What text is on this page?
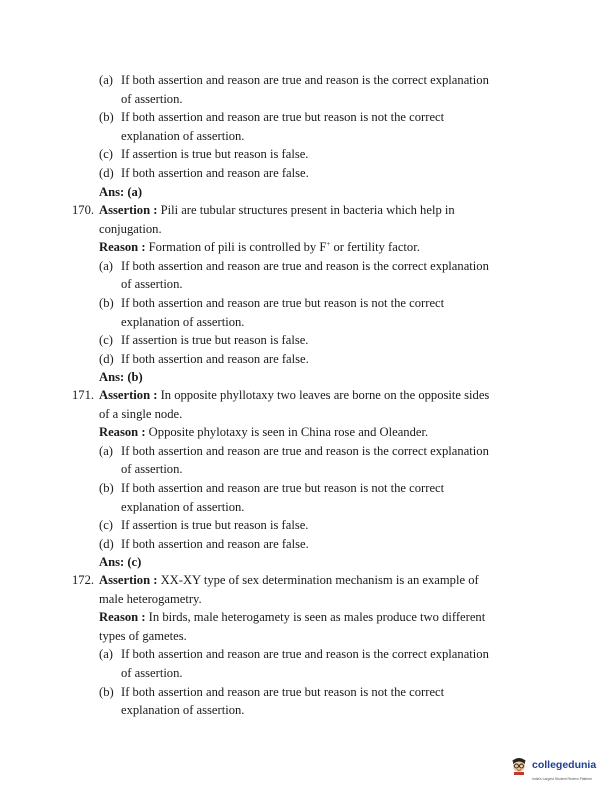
(a) If both assertion and reason are true and reason is the correct explanation
of assertion.
(b) If both assertion and reason are true but reason is not the correct
explanation of assertion.
(c) If assertion is true but reason is false.
(d) If both assertion and reason are false.
Ans: (a)
170. Assertion : Pili are tubular structures present in bacteria which help in
conjugation.
Reason : Formation of pili is controlled by F+ or fertility factor.
(a) If both assertion and reason are true and reason is the correct explanation
of assertion.
(b) If both assertion and reason are true but reason is not the correct
explanation of assertion.
(c) If assertion is true but reason is false.
(d) If both assertion and reason are false.
Ans: (b)
171. Assertion : In opposite phyllotaxy two leaves are borne on the opposite sides
of a single node.
Reason : Opposite phylotaxy is seen in China rose and Oleander.
(a) If both assertion and reason are true and reason is the correct explanation
of assertion.
(b) If both assertion and reason are true but reason is not the correct
explanation of assertion.
(c) If assertion is true but reason is false.
(d) If both assertion and reason are false.
Ans: (c)
172. Assertion : XX-XY type of sex determination mechanism is an example of
male heterogametry.
Reason : In birds, male heterogamety is seen as males produce two different
types of gametes.
(a) If both assertion and reason are true and reason is the correct explanation
of assertion.
(b) If both assertion and reason are true but reason is not the correct
explanation of assertion.
collegedunia
India's Largest Student Review Platform
